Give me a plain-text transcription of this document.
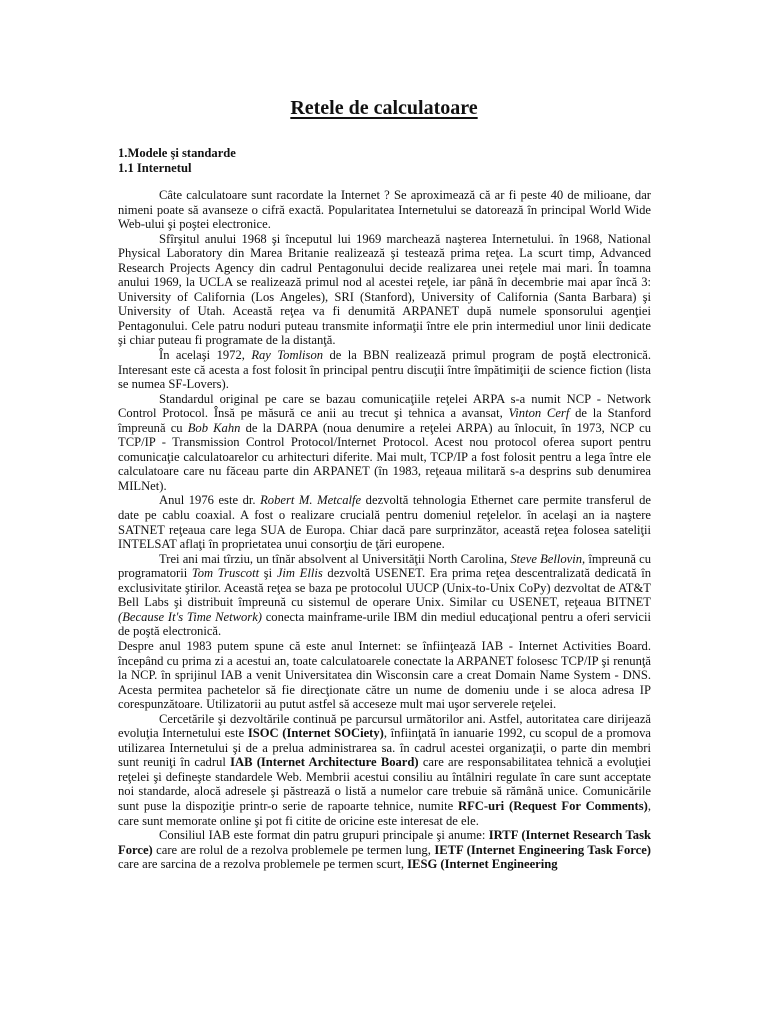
Retele de calculatoare

1.Modele şi standarde

1.1 Internetul

Câte calculatoare sunt racordate la Internet ? Se aproximează că ar fi peste 40 de milioane, dar nimeni poate să avanseze o cifră exactă. Popularitatea Internetului se datorează în principal World Wide Web-ului şi poştei electronice.

Sfîrşitul anului 1968 şi începutul lui 1969 marchează naşterea Internetului. în 1968, National Physical Laboratory din Marea Britanie realizează şi testează prima reţea. La scurt timp, Advanced Research Projects Agency din cadrul Pentagonului decide realizarea unei reţele mai mari. În toamna anului 1969, la UCLA se realizează primul nod al acestei reţele, iar până în decembrie mai apar încă 3: University of California (Los Angeles), SRI (Stanford), University of California (Santa Barbara) şi University of Utah. Această reţea va fi denumită ARPANET după numele sponsorului agenţiei Pentagonului. Cele patru noduri puteau transmite informaţii între ele prin intermediul unor linii dedicate şi chiar puteau fi programate de la distanţă.

În acelaşi 1972, Ray Tomlison de la BBN realizează primul program de poştă electronică. Interesant este că acesta a fost folosit în principal pentru discuţii între împătimiţii de science fiction (lista se numea SF-Lovers).

Standardul original pe care se bazau comunicaţiile reţelei ARPA s-a numit NCP - Network Control Protocol. Însă pe măsură ce anii au trecut şi tehnica a avansat, Vinton Cerf de la Stanford împreună cu Bob Kahn de la DARPA (noua denumire a reţelei ARPA) au înlocuit, în 1973, NCP cu TCP/IP - Transmission Control Protocol/Internet Protocol. Acest nou protocol oferea suport pentru comunicaţie calculatoarelor cu arhitecturi diferite. Mai mult, TCP/IP a fost folosit pentru a lega între ele calculatoare care nu făceau parte din ARPANET (în 1983, reţeaua militară s-a desprins sub denumirea MILNet).

Anul 1976 este dr. Robert M. Metcalfe dezvoltă tehnologia Ethernet care permite transferul de date pe cablu coaxial. A fost o realizare crucială pentru domeniul reţelelor. în acelaşi an ia naştere SATNET reţeaua care lega SUA de Europa. Chiar dacă pare surprinzător, această reţea folosea sateliţii INTELSAT aflaţi în proprietatea unui consorţiu de ţări europene.

Trei ani mai tîrziu, un tînăr absolvent al Universităţii North Carolina, Steve Bellovin, împreună cu programatorii Tom Truscott şi Jim Ellis dezvoltă USENET. Era prima reţea descentralizată dedicată în exclusivitate ştirilor. Această reţea se baza pe protocolul UUCP (Unix-to-Unix CoPy) dezvoltat de AT&T Bell Labs şi distribuit împreună cu sistemul de operare Unix. Similar cu USENET, reţeaua BITNET (Because It's Time Network) conecta mainframe-urile IBM din mediul educaţional pentru a oferi servicii de poştă electronică.

Despre anul 1983 putem spune că este anul Internet: se înfiinţează IAB - Internet Activities Board. începând cu prima zi a acestui an, toate calculatoarele conectate la ARPANET folosesc TCP/IP şi renunţă la NCP. în sprijinul IAB a venit Universitatea din Wisconsin care a creat Domain Name System - DNS. Acesta permitea pachetelor să fie direcţionate către un nume de domeniu unde i se aloca adresa IP corespunzătoare. Utilizatorii au putut astfel să acceseze mult mai uşor serverele reţelei.

Cercetările şi dezvoltările continuă pe parcursul următorilor ani. Astfel, autoritatea care dirijează evoluţia Internetului este ISOC (Internet SOCiety), înfiinţată în ianuarie 1992, cu scopul de a promova utilizarea Internetului şi de a prelua administrarea sa. în cadrul acestei organizaţii, o parte din membri sunt reuniţi în cadrul IAB (Internet Architecture Board) care are responsabilitatea tehnică a evoluţiei reţelei şi defineşte standardele Web. Membrii acestui consiliu au întâlniri regulate în care sunt acceptate noi standarde, alocă adresele şi păstrează o listă a numelor care trebuie să rămână unice. Comunicările sunt puse la dispoziţie printr-o serie de rapoarte tehnice, numite RFC-uri (Request For Comments), care sunt memorate online şi pot fi citite de oricine este interesat de ele.

Consiliul IAB este format din patru grupuri principale şi anume: IRTF (Internet Research Task Force) care are rolul de a rezolva problemele pe termen lung, IETF (Internet Engineering Task Force) care are sarcina de a rezolva problemele pe termen scurt, IESG (Internet Engineering
